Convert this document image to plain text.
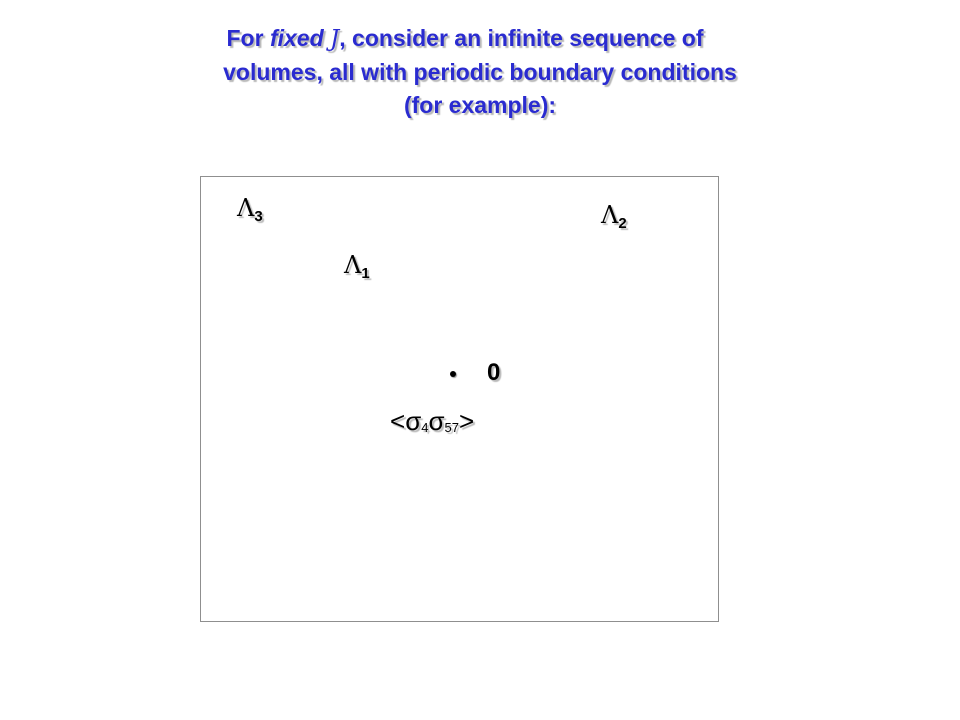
For fixed J, consider an infinite sequence of
volumes, all with periodic boundary conditions
(for example):
$\Lambda_3$	$\Lambda_2$
$\Lambda_1$
0
$<\sigma_4\sigma_{57}>$
